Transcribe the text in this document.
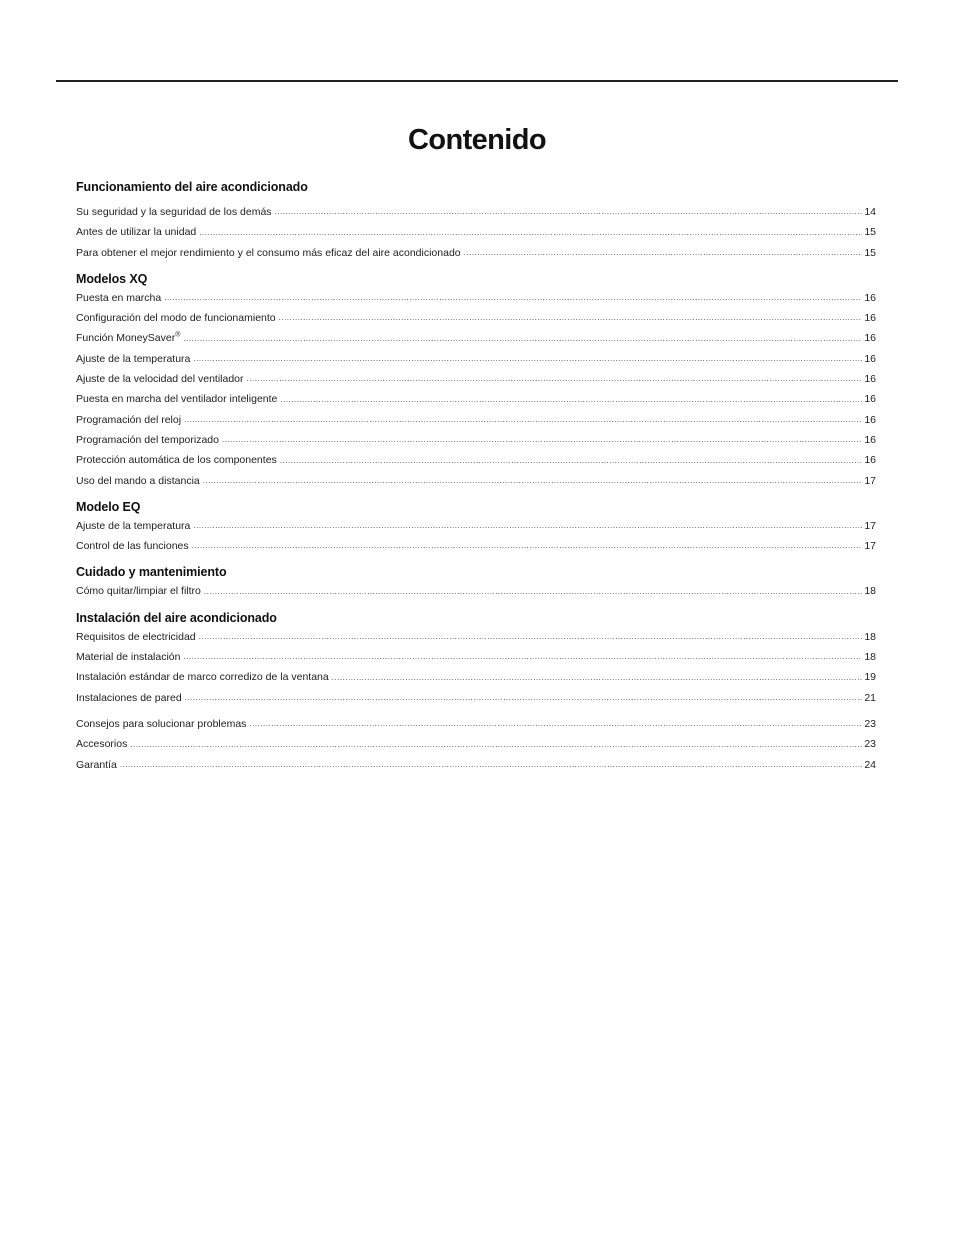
Contenido
Funcionamiento del aire acondicionado
Su seguridad y la seguridad de los demás .....	14
Antes de utilizar la unidad .....	15
Para obtener el mejor rendimiento y el consumo más eficaz del aire acondicionado .....	15
Modelos XQ
Puesta en marcha .....	16
Configuración del modo de funcionamiento .....	16
Función MoneySaver® .....	16
Ajuste de la temperatura .....	16
Ajuste de la velocidad del ventilador .....	16
Puesta en marcha del ventilador inteligente .....	16
Programación del reloj .....	16
Programación del temporizado .....	16
Protección automática de los componentes .....	16
Uso del mando a distancia .....	17
Modelo EQ
Ajuste de la temperatura .....	17
Control de las funciones .....	17
Cuidado y mantenimiento
Cómo quitar/limpiar el filtro .....	18
Instalación del aire acondicionado
Requisitos de electricidad .....	18
Material de instalación .....	18
Instalación estándar de marco corredizo de la ventana .....	19
Instalaciones de pared .....	21
Consejos para solucionar problemas .....	23
Accesorios .....	23
Garantía .....	24
